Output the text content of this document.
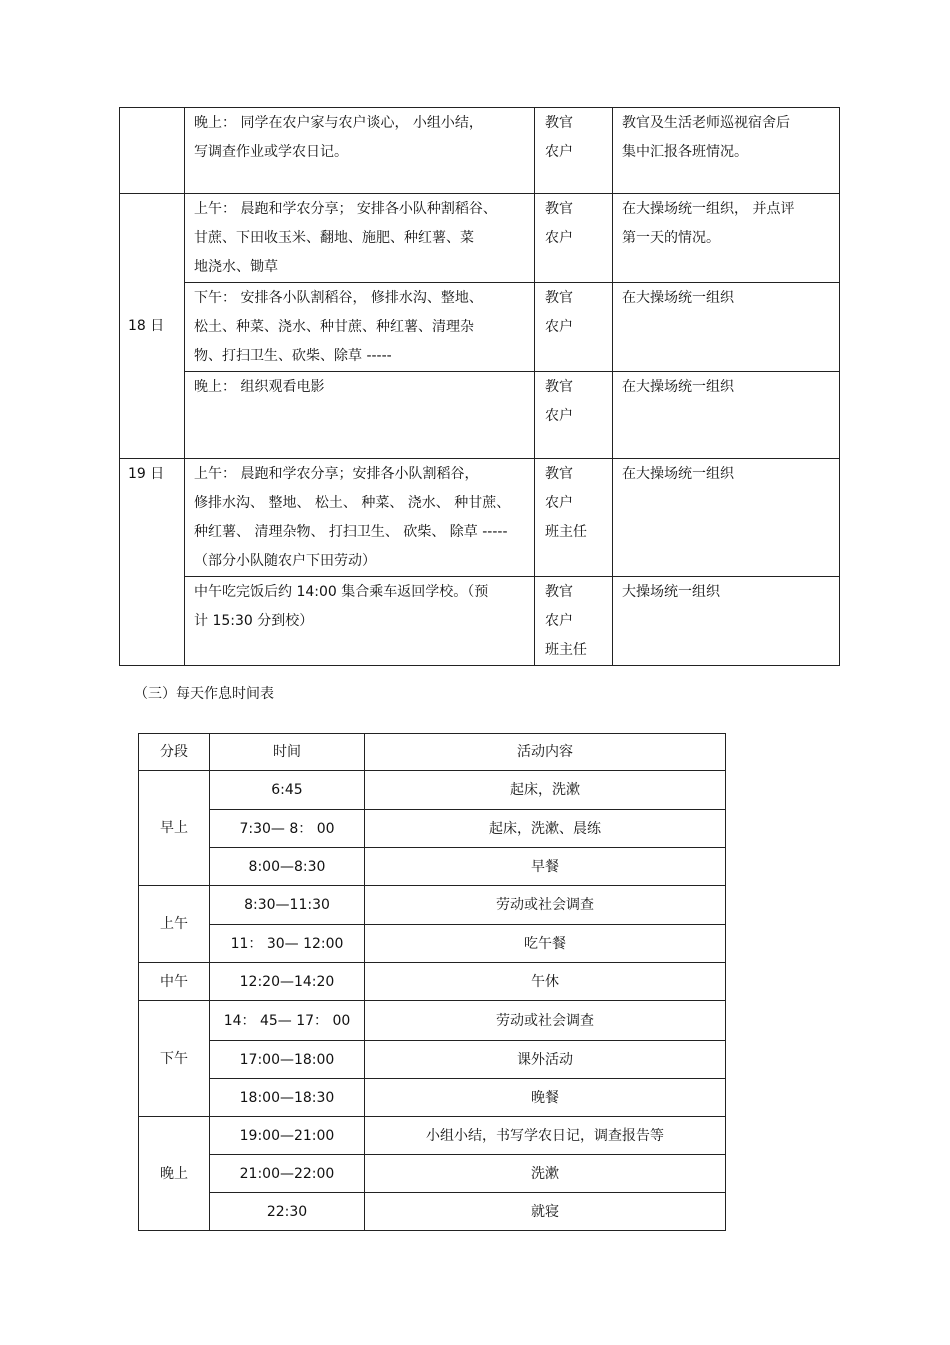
	晚上： 同学在农户家与农户谈心， 小组小结，
写调查作业或学农日记。	教官
农户	教官及生活老师巡视宿舍后
集中汇报各班情况。

18 日	上午： 晨跑和学农分享； 安排各小队种割稻谷、
甘蔗、下田收玉米、翻地、施肥、种红薯、菜
地浇水、锄草	教官
农户	在大操场统一组织， 并点评
第一天的情况。

	下午： 安排各小队割稻谷， 修排水沟、整地、
松土、种菜、浇水、种甘蔗、种红薯、清理杂
物、打扫卫生、砍柴、除草 -----	教官
农户	在大操场统一组织

	晚上： 组织观看电影	教官
农户	在大操场统一组织

19 日	上午： 晨跑和学农分享；安排各小队割稻谷，
修排水沟、 整地、 松土、 种菜、 浇水、 种甘蔗、
种红薯、 清理杂物、 打扫卫生、 砍柴、 除草 -----
（部分小队随农户下田劳动）	教官
农户
班主任	在大操场统一组织

	中午吃完饭后约 14:00 集合乘车返回学校。（预
计 15:30 分到校）	教官
农户
班主任	大操场统一组织
（三）每天作息时间表
分段	时间	活动内容
早上	6:45	起床，洗漱
	7:30— 8： 00	起床，洗漱、晨练
	8:00—8:30	早餐
上午	8:30—11:30	劳动或社会调查
	11： 30— 12:00	吃午餐
中午	12:20—14:20	午休
下午	14： 45— 17： 00	劳动或社会调查
	17:00—18:00	课外活动
	18:00—18:30	晚餐
晚上	19:00—21:00	小组小结，书写学农日记，调查报告等
	21:00—22:00	洗漱
	22:30	就寝
